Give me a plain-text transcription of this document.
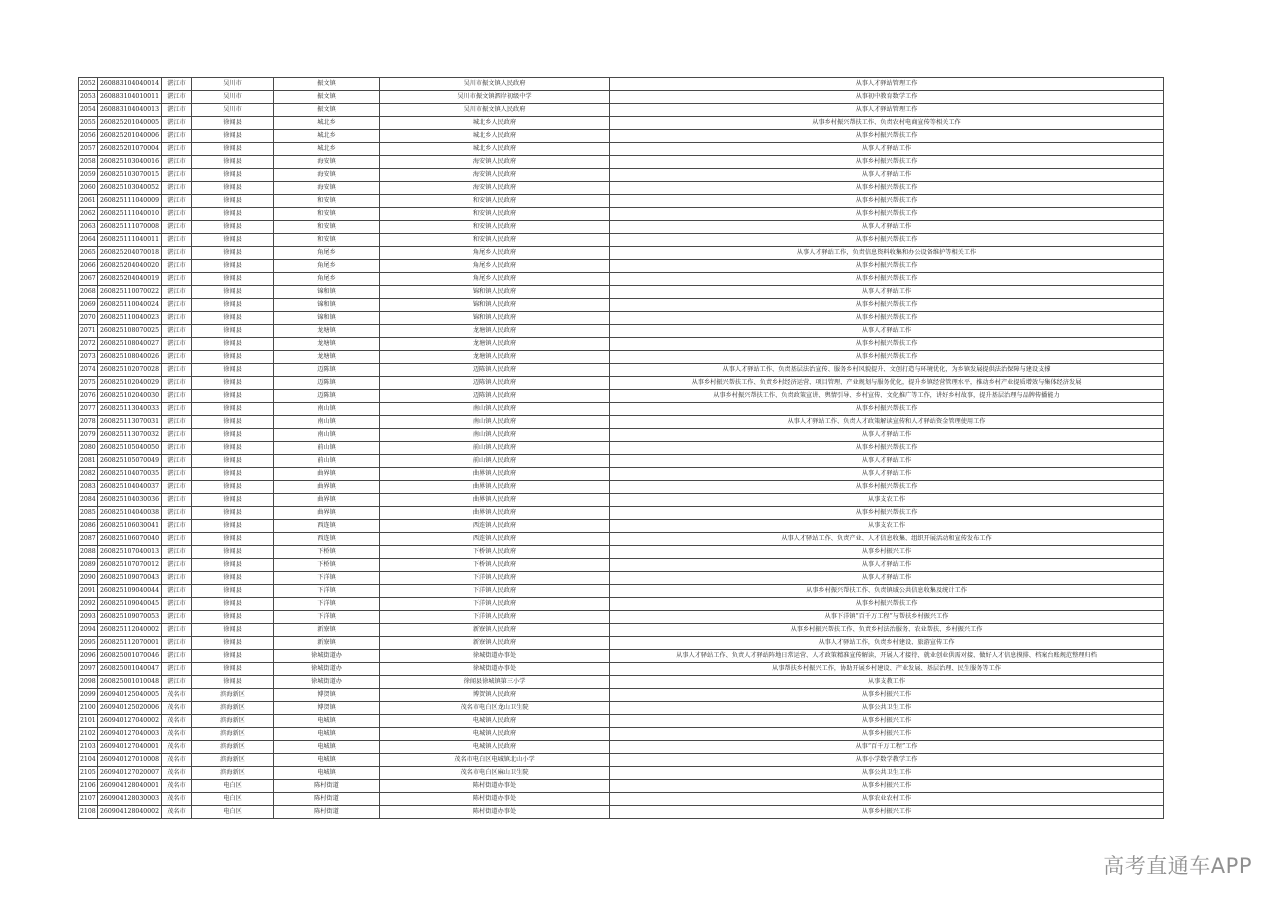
2052	260883104040014	湛江市	吴川市	振文镇	吴川市振文镇人民政府	从事人才驿站管理工作
2053	260883104010011	湛江市	吴川市	振文镇	吴川市振文镇泗岸初级中学	从事初中教育数学工作
2054	260883104040013	湛江市	吴川市	振文镇	吴川市振文镇人民政府	从事人才驿站管理工作
2055	260825201040005	湛江市	徐闻县	城北乡	城北乡人民政府	从事乡村振兴帮扶工作、负责农村电商宣传等相关工作
2056	260825201040006	湛江市	徐闻县	城北乡	城北乡人民政府	从事乡村振兴帮扶工作
2057	260825201070004	湛江市	徐闻县	城北乡	城北乡人民政府	从事人才驿站工作
2058	260825103040016	湛江市	徐闻县	海安镇	海安镇人民政府	从事乡村振兴帮扶工作
2059	260825103070015	湛江市	徐闻县	海安镇	海安镇人民政府	从事人才驿站工作
2060	260825103040052	湛江市	徐闻县	海安镇	海安镇人民政府	从事乡村振兴帮扶工作
2061	260825111040009	湛江市	徐闻县	和安镇	和安镇人民政府	从事乡村振兴帮扶工作
2062	260825111040010	湛江市	徐闻县	和安镇	和安镇人民政府	从事乡村振兴帮扶工作
2063	260825111070008	湛江市	徐闻县	和安镇	和安镇人民政府	从事人才驿站工作
2064	260825111040011	湛江市	徐闻县	和安镇	和安镇人民政府	从事乡村振兴帮扶工作
2065	260825204070018	湛江市	徐闻县	角尾乡	角尾乡人民政府	从事人才驿站工作，负责信息资料收集和办公设备维护等相关工作
2066	260825204040020	湛江市	徐闻县	角尾乡	角尾乡人民政府	从事乡村振兴帮扶工作
2067	260825204040019	湛江市	徐闻县	角尾乡	角尾乡人民政府	从事乡村振兴帮扶工作
2068	260825110070022	湛江市	徐闻县	锦和镇	锦和镇人民政府	从事人才驿站工作
2069	260825110040024	湛江市	徐闻县	锦和镇	锦和镇人民政府	从事乡村振兴帮扶工作
2070	260825110040023	湛江市	徐闻县	锦和镇	锦和镇人民政府	从事乡村振兴帮扶工作
2071	260825108070025	湛江市	徐闻县	龙塘镇	龙塘镇人民政府	从事人才驿站工作
2072	260825108040027	湛江市	徐闻县	龙塘镇	龙塘镇人民政府	从事乡村振兴帮扶工作
2073	260825108040026	湛江市	徐闻县	龙塘镇	龙塘镇人民政府	从事乡村振兴帮扶工作
2074	260825102070028	湛江市	徐闻县	迈陈镇	迈陈镇人民政府	从事人才驿站工作、负责基层法治宣传、服务乡村风貌提升、文创打造与环境优化，为乡镇发展提供法治保障与建设支撑
2075	260825102040029	湛江市	徐闻县	迈陈镇	迈陈镇人民政府	从事乡村振兴帮扶工作、负责乡村经济运营、项目管理、产业规划与服务优化，提升乡镇经营管理水平，推动乡村产业提质增效与集体经济发展
2076	260825102040030	湛江市	徐闻县	迈陈镇	迈陈镇人民政府	从事乡村振兴帮扶工作、负责政策宣讲、舆情引导、乡村宣传、文化推广等工作，讲好乡村故事，提升基层治理与品牌传播能力
2077	260825113040033	湛江市	徐闻县	南山镇	南山镇人民政府	从事乡村振兴帮扶工作
2078	260825113070031	湛江市	徐闻县	南山镇	南山镇人民政府	从事人才驿站工作、负责人才政策解读宣传和人才驿站资金管理使用工作
2079	260825113070032	湛江市	徐闻县	南山镇	南山镇人民政府	从事人才驿站工作
2080	260825105040050	湛江市	徐闻县	前山镇	前山镇人民政府	从事乡村振兴帮扶工作
2081	260825105070049	湛江市	徐闻县	前山镇	前山镇人民政府	从事人才驿站工作
2082	260825104070035	湛江市	徐闻县	曲界镇	曲界镇人民政府	从事人才驿站工作
2083	260825104040037	湛江市	徐闻县	曲界镇	曲界镇人民政府	从事乡村振兴帮扶工作
2084	260825104030036	湛江市	徐闻县	曲界镇	曲界镇人民政府	从事支农工作
2085	260825104040038	湛江市	徐闻县	曲界镇	曲界镇人民政府	从事乡村振兴帮扶工作
2086	260825106030041	湛江市	徐闻县	西连镇	西连镇人民政府	从事支农工作
2087	260825106070040	湛江市	徐闻县	西连镇	西连镇人民政府	从事人才驿站工作、负责产业、人才信息收集、组织开展活动和宣传发布工作
2088	260825107040013	湛江市	徐闻县	下桥镇	下桥镇人民政府	从事乡村振兴工作
2089	260825107070012	湛江市	徐闻县	下桥镇	下桥镇人民政府	从事人才驿站工作
2090	260825109070043	湛江市	徐闻县	下洋镇	下洋镇人民政府	从事人才驿站工作
2091	260825109040044	湛江市	徐闻县	下洋镇	下洋镇人民政府	从事乡村振兴帮扶工作、负责镇域公共信息收集及统计工作
2092	260825109040045	湛江市	徐闻县	下洋镇	下洋镇人民政府	从事乡村振兴帮扶工作
2093	260825109070053	湛江市	徐闻县	下洋镇	下洋镇人民政府	从事下洋镇“百千万工程”与帮扶乡村振兴工作
2094	260825112040002	湛江市	徐闻县	新寮镇	新寮镇人民政府	从事乡村振兴帮扶工作、负责乡村法治服务、农业帮扶、乡村振兴工作
2095	260825112070001	湛江市	徐闻县	新寮镇	新寮镇人民政府	从事人才驿站工作，负责乡村建设、旅游宣传工作
2096	260825001070046	湛江市	徐闻县	徐城街道办	徐城街道办事处	从事人才驿站工作、负责人才驿站阵地日常运营、人才政策精准宣传解读，开展人才接待、就业创业供需对接、做好人才信息摸排、档案台账规范整理归档
2097	260825001040047	湛江市	徐闻县	徐城街道办	徐城街道办事处	从事帮扶乡村振兴工作，协助开展乡村建设、产业发展、基层治理、民生服务等工作
2098	260825001010048	湛江市	徐闻县	徐城街道办	徐闻县徐城镇第三小学	从事支教工作
2099	260940125040005	茂名市	滨海新区	博贺镇	博贺镇人民政府	从事乡村振兴工作
2100	260940125020006	茂名市	滨海新区	博贺镇	茂名市电白区龙山卫生院	从事公共卫生工作
2101	260940127040002	茂名市	滨海新区	电城镇	电城镇人民政府	从事乡村振兴工作
2102	260940127040003	茂名市	滨海新区	电城镇	电城镇人民政府	从事乡村振兴工作
2103	260940127040001	茂名市	滨海新区	电城镇	电城镇人民政府	从事“百千万工程”工作
2104	260940127010008	茂名市	滨海新区	电城镇	茂名市电白区电城镇北山小学	从事小学数学教学工作
2105	260940127020007	茂名市	滨海新区	电城镇	茂名市电白区麻山卫生院	从事公共卫生工作
2106	260904128040001	茂名市	电白区	陈村街道	陈村街道办事处	从事乡村振兴工作
2107	260904128030003	茂名市	电白区	陈村街道	陈村街道办事处	从事农业农村工作
2108	260904128040002	茂名市	电白区	陈村街道	陈村街道办事处	从事乡村振兴工作
高考直通车APP
